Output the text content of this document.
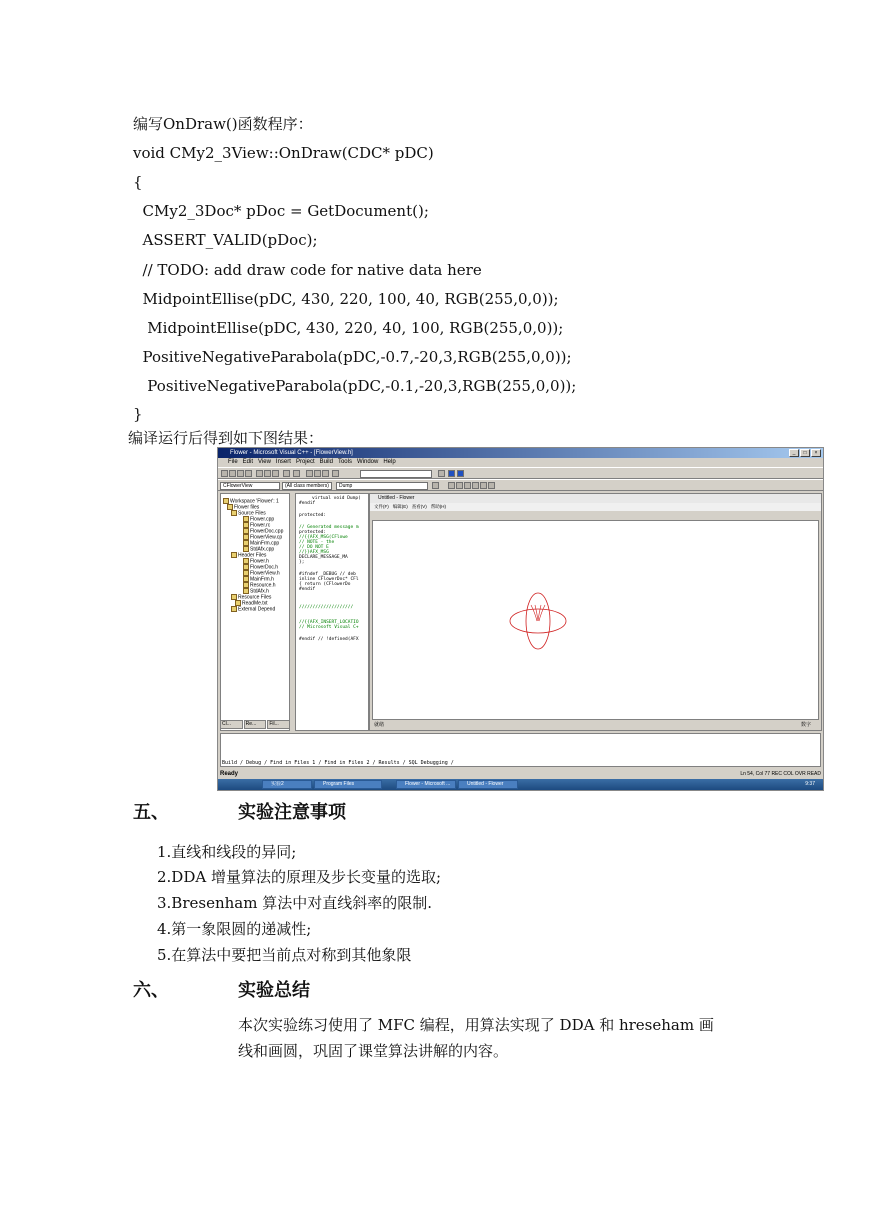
编写OnDraw()函数程序：
void CMy2_3View::OnDraw(CDC* pDC)
{
CMy2_3Doc* pDoc = GetDocument();
ASSERT_VALID(pDoc);
// TODO: add draw code for native data here
MidpointEllise(pDC, 430, 220, 100, 40, RGB(255,0,0));
MidpointEllise(pDC, 430, 220, 40, 100, RGB(255,0,0));
PositiveNegativeParabola(pDC,-0.7,-20,3,RGB(255,0,0));
PositiveNegativeParabola(pDC,-0.1,-20,3,RGB(255,0,0));
}
编译运行后得到如下图结果：
Flower - Microsoft Visual C++ - [FlowerView.h]	_	□	×
File Edit View Insert Project Build Tools Window Help
CFlowerView	(All class members)	Dump
Workspace 'Flower': 1
Flower files
Source Files
Flower.cpp
Flower.rc
FlowerDoc.cpp
FlowerView.cp
MainFrm.cpp
StdAfx.cpp
Header Files
Flower.h
FlowerDoc.h
FlowerView.h
MainFrm.h
Resource.h
StdAfx.h
Resource Files
ReadMe.txt
External Depend
Cl...	Re...	Fil...
virtual void Dump(
#endif
protected:
// Generated message m
protected:
//{{AFX_MSG(CFlowe
// NOTE - the
// DO NOT E
//}}AFX_MSG
DECLARE_MESSAGE_MA
};
#ifndef _DEBUG // deb
inline CFlowerDoc* CFl
{ return (CFlowerDo
#endif
////////////////////
//{{AFX_INSERT_LOCATIO
// Microsoft Visual C+
#endif // !defined(AFX
Untitled - Flower
文件(F) 编辑(E) 查看(V) 帮助(H)
就绪	数字
Build / Debug / Find in Files 1 / Find in Files 2 / Results / SQL Debugging /
Ready	Ln 54, Col 77 REC COL OVR READ
实验2	Program Files	Flower - Microsoft ...	Untitled - Flower	9:37
五、	实验注意事项
1.直线和线段的异同;
2.DDA 增量算法的原理及步长变量的选取;
3.Bresenham 算法中对直线斜率的限制.
4.第一象限圆的递减性;
5.在算法中要把当前点对称到其他象限
六、	实验总结
本次实验练习使用了 MFC 编程，用算法实现了 DDA 和 hreseham 画
线和画圆，巩固了课堂算法讲解的内容。
